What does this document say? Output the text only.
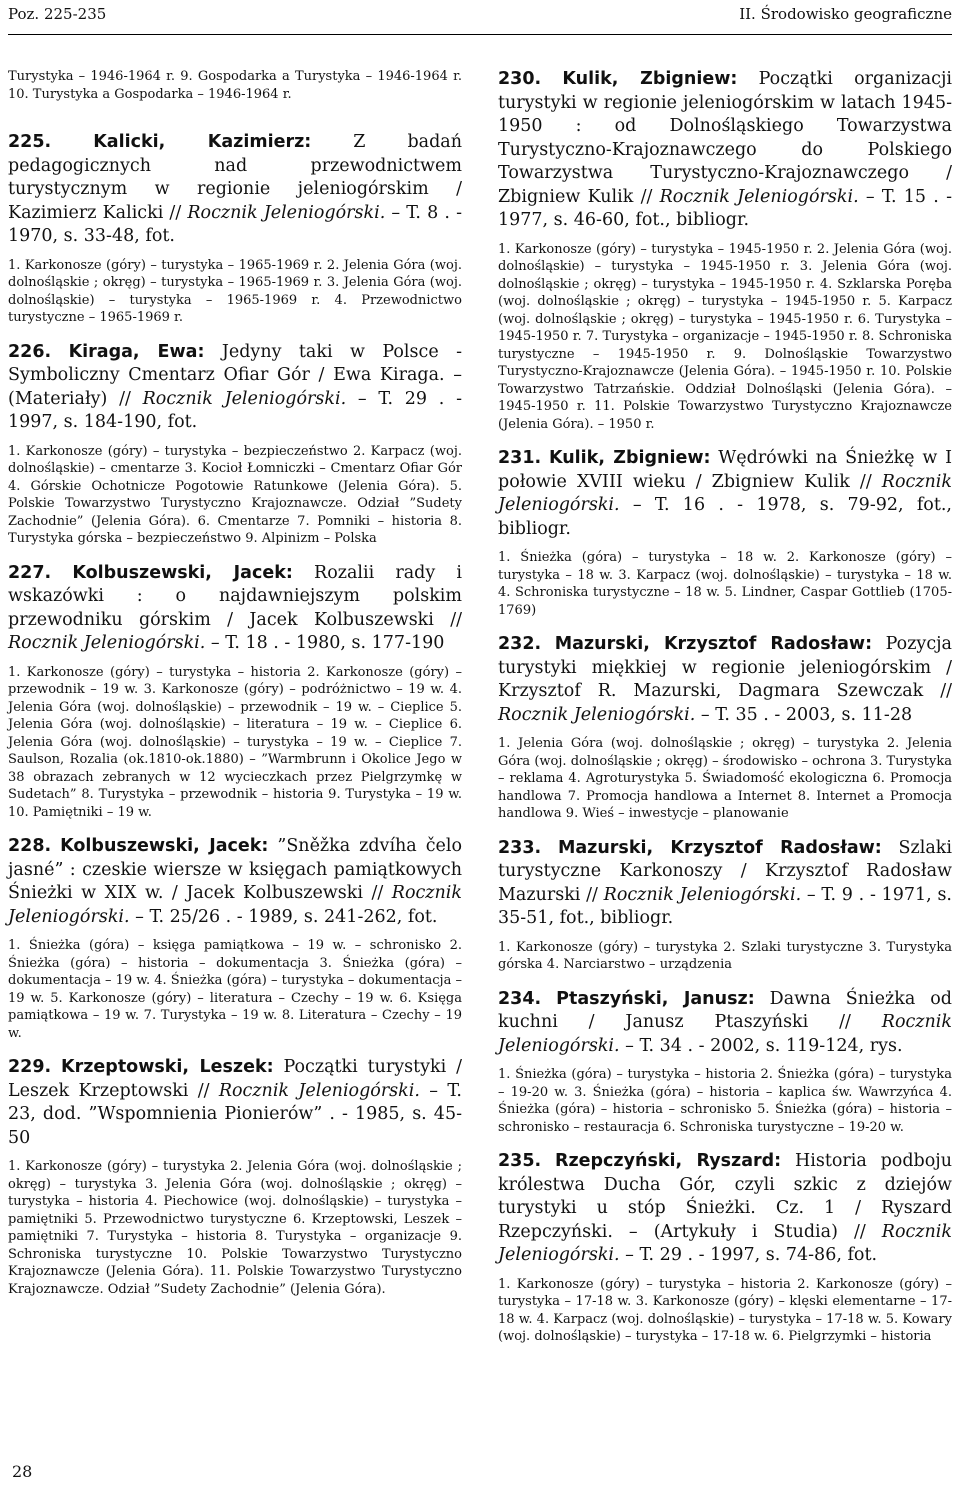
Poz. 225-235	II. Środowisko geograficzne

Turystyka – 1946-1964 r. 9. Gospodarka a Turystyka – 1946-1964 r. 10. Turystyka a Gospodarka – 1946-1964 r.

225. Kalicki, Kazimierz: Z badań pedagogicznych nad przewodnictwem turystycznym w regionie jeleniogórskim / Kazimierz Kalicki // Rocznik Jeleniogórski. – T. 8 . - 1970, s. 33-48, fot.

1. Karkonosze (góry) – turystyka – 1965-1969 r. 2. Jelenia Góra (woj. dolnośląskie ; okręg) – turystyka – 1965-1969 r. 3. Jelenia Góra (woj. dolnośląskie) – turystyka – 1965-1969 r. 4. Przewodnictwo turystyczne – 1965-1969 r.

226. Kiraga, Ewa: Jedyny taki w Polsce - Symboliczny Cmentarz Ofiar Gór / Ewa Kiraga. – (Materiały) // Rocznik Jeleniogórski. – T. 29 . - 1997, s. 184-190, fot.

1. Karkonosze (góry) – turystyka – bezpieczeństwo 2. Karpacz (woj. dolnośląskie) – cmentarze 3. Kocioł Łomniczki – Cmentarz Ofiar Gór 4. Górskie Ochotnicze Pogotowie Ratunkowe (Jelenia Góra). 5. Polskie Towarzystwo Turystyczno Krajoznawcze. Odział ”Sudety Zachodnie” (Jelenia Góra). 6. Cmentarze 7. Pomniki – historia 8. Turystyka górska – bezpieczeństwo 9. Alpinizm – Polska

227. Kolbuszewski, Jacek: Rozalii rady i wskazówki : o najdawniejszym polskim przewodniku górskim / Jacek Kolbuszewski // Rocznik Jeleniogórski. – T. 18 . - 1980, s. 177-190

1. Karkonosze (góry) – turystyka – historia 2. Karkonosze (góry) – przewodnik – 19 w. 3. Karkonosze (góry) – podróżnictwo – 19 w. 4. Jelenia Góra (woj. dolnośląskie) – przewodnik – 19 w. – Cieplice 5. Jelenia Góra (woj. dolnośląskie) – literatura – 19 w. – Cieplice 6. Jelenia Góra (woj. dolnośląskie) – turystyka – 19 w. – Cieplice 7. Saulson, Rozalia (ok.1810-ok.1880) – ”Warmbrunn i Okolice Jego w 38 obrazach zebranych w 12 wycieczkach przez Pielgrzymkę w Sudetach” 8. Turystyka – przewodnik – historia 9. Turystyka – 19 w. 10. Pamiętniki – 19 w.

228. Kolbuszewski, Jacek: ”Sněžka zdvíha čelo jasné” : czeskie wiersze w księgach pamiątkowych Śnieżki w XIX w. / Jacek Kolbuszewski // Rocznik Jeleniogórski. – T. 25/26 . - 1989, s. 241-262, fot.

1. Śnieżka (góra) – księga pamiątkowa – 19 w. – schronisko 2. Śnieżka (góra) – historia – dokumentacja 3. Śnieżka (góra) – dokumentacja – 19 w. 4. Śnieżka (góra) – turystyka – dokumentacja – 19 w. 5. Karkonosze (góry) – literatura – Czechy – 19 w. 6. Księga pamiątkowa – 19 w. 7. Turystyka – 19 w. 8. Literatura – Czechy – 19 w.

229. Krzeptowski, Leszek: Początki turystyki / Leszek Krzeptowski // Rocznik Jeleniogórski. – T. 23, dod. ”Wspomnienia Pionierów” . - 1985, s. 45-50

1. Karkonosze (góry) – turystyka 2. Jelenia Góra (woj. dolnośląskie ; okręg) – turystyka 3. Jelenia Góra (woj. dolnośląskie ; okręg) – turystyka – historia 4. Piechowice (woj. dolnośląskie) – turystyka – pamiętniki 5. Przewodnictwo turystyczne 6. Krzeptowski, Leszek – pamiętniki 7. Turystyka – historia 8. Turystyka – organizacje 9. Schroniska turystyczne 10. Polskie Towarzystwo Turystyczno Krajoznawcze (Jelenia Góra). 11. Polskie Towarzystwo Turystyczno Krajoznawcze. Odział ”Sudety Zachodnie” (Jelenia Góra).

230. Kulik, Zbigniew: Początki organizacji turystyki w regionie jeleniogórskim w latach 1945-1950 : od Dolnośląskiego Towarzystwa Turystyczno-Krajoznawczego do Polskiego Towarzystwa Turystyczno-Krajoznawczego / Zbigniew Kulik // Rocznik Jeleniogórski. – T. 15 . - 1977, s. 46-60, fot., bibliogr.

1. Karkonosze (góry) – turystyka – 1945-1950 r. 2. Jelenia Góra (woj. dolnośląskie) – turystyka – 1945-1950 r. 3. Jelenia Góra (woj. dolnośląskie ; okręg) – turystyka – 1945-1950 r. 4. Szklarska Poręba (woj. dolnośląskie ; okręg) – turystyka – 1945-1950 r. 5. Karpacz (woj. dolnośląskie ; okręg) – turystyka – 1945-1950 r. 6. Turystyka – 1945-1950 r. 7. Turystyka – organizacje – 1945-1950 r. 8. Schroniska turystyczne – 1945-1950 r. 9. Dolnośląskie Towarzystwo Turystyczno-Krajoznawcze (Jelenia Góra). – 1945-1950 r. 10. Polskie Towarzystwo Tatrzańskie. Oddział Dolnośląski (Jelenia Góra). – 1945-1950 r. 11. Polskie Towarzystwo Turystyczno Krajoznawcze (Jelenia Góra). – 1950 r.

231. Kulik, Zbigniew: Wędrówki na Śnieżkę w I połowie XVIII wieku / Zbigniew Kulik // Rocznik Jeleniogórski. – T. 16 . - 1978, s. 79-92, fot., bibliogr.

1. Śnieżka (góra) – turystyka – 18 w. 2. Karkonosze (góry) – turystyka – 18 w. 3. Karpacz (woj. dolnośląskie) – turystyka – 18 w. 4. Schroniska turystyczne – 18 w. 5. Lindner, Caspar Gottlieb (1705-1769)

232. Mazurski, Krzysztof Radosław: Pozycja turystyki miękkiej w regionie jeleniogórskim / Krzysztof R. Mazurski, Dagmara Szewczak // Rocznik Jeleniogórski. – T. 35 . - 2003, s. 11-28

1. Jelenia Góra (woj. dolnośląskie ; okręg) – turystyka 2. Jelenia Góra (woj. dolnośląskie ; okręg) – środowisko – ochrona 3. Turystyka – reklama 4. Agroturystyka 5. Świadomość ekologiczna 6. Promocja handlowa 7. Promocja handlowa a Internet 8. Internet a Promocja handlowa 9. Wieś – inwestycje – planowanie

233. Mazurski, Krzysztof Radosław: Szlaki turystyczne Karkonoszy / Krzysztof Radosław Mazurski // Rocznik Jeleniogórski. – T. 9 . - 1971, s. 35-51, fot., bibliogr.

1. Karkonosze (góry) – turystyka 2. Szlaki turystyczne 3. Turystyka górska 4. Narciarstwo – urządzenia

234. Ptaszyński, Janusz: Dawna Śnieżka od kuchni / Janusz Ptaszyński // Rocznik Jeleniogórski. – T. 34 . - 2002, s. 119-124, rys.

1. Śnieżka (góra) – turystyka – historia 2. Śnieżka (góra) – turystyka – 19-20 w. 3. Śnieżka (góra) – historia – kaplica św. Wawrzyńca 4. Śnieżka (góra) – historia – schronisko 5. Śnieżka (góra) – historia – schronisko – restauracja 6. Schroniska turystyczne – 19-20 w.

235. Rzepczyński, Ryszard: Historia podboju królestwa Ducha Gór, czyli szkic z dziejów turystyki u stóp Śnieżki. Cz. 1 / Ryszard Rzepczyński. – (Artykuły i Studia) // Rocznik Jeleniogórski. – T. 29 . - 1997, s. 74-86, fot.

1. Karkonosze (góry) – turystyka – historia 2. Karkonosze (góry) – turystyka – 17-18 w. 3. Karkonosze (góry) – klęski elementarne – 17-18 w. 4. Karpacz (woj. dolnośląskie) – turystyka – 17-18 w. 5. Kowary (woj. dolnośląskie) – turystyka – 17-18 w. 6. Pielgrzymki – historia

28
